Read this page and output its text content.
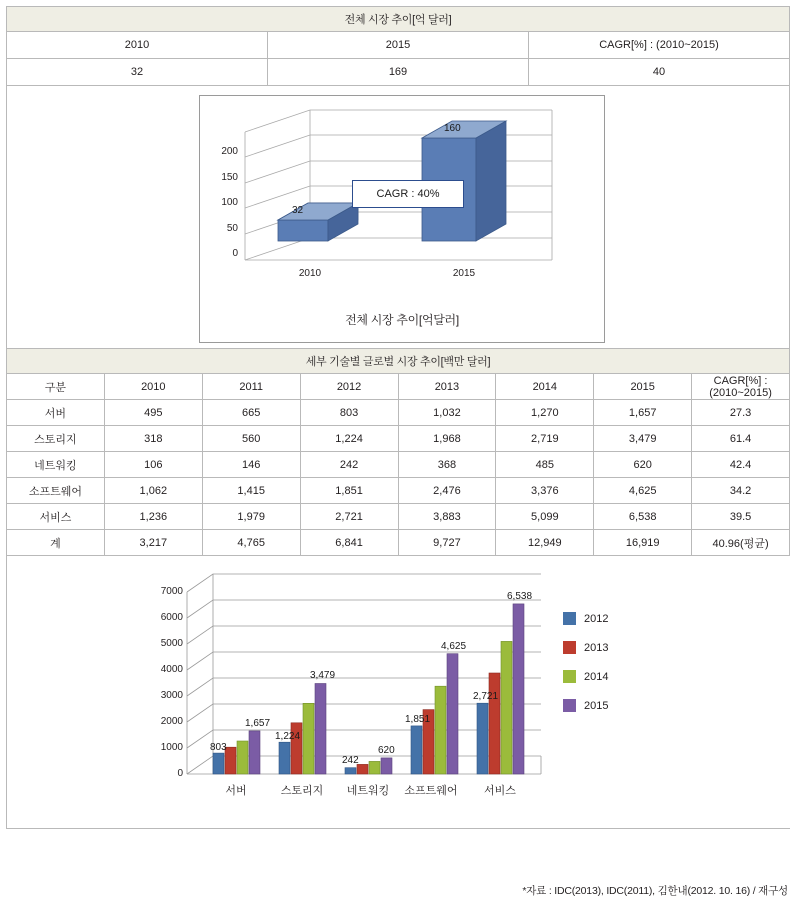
전체 시장 추이[억 달러]		
2010	2015	CAGR[%] : (2010~2015)
32	169	40

0
50
100
150
200
32
160
CAGR : 40%
2010	2015
전체 시장 추이[억달러]
세부 기술별 글로벌 시장 추이[백만 달러]							
구분	2010	2011	2012	2013	2014	2015	CAGR[%] : (2010~2015)
서버	495	665	803	1,032	1,270	1,657	27.3
스토리지	318	560	1,224	1,968	2,719	3,479	61.4
네트워킹	106	146	242	368	485	620	42.4
소프트웨어	1,062	1,415	1,851	2,476	3,376	4,625	34.2
서비스	1,236	1,979	2,721	3,883	5,099	6,538	39.5
계	3,217	4,765	6,841	9,727	12,949	16,919	40.96(평균)

0
1000
2000
3000
4000
5000
6000
7000
803
1,657
1,224
3,479
242
620
1,851
4,625
2,721
6,538
서버	스토리지	네트워킹	소프트웨어	서비스
2012
2013
2014
2015
*자료 : IDC(2013), IDC(2011), 김한내(2012. 10. 16) / 재구성
